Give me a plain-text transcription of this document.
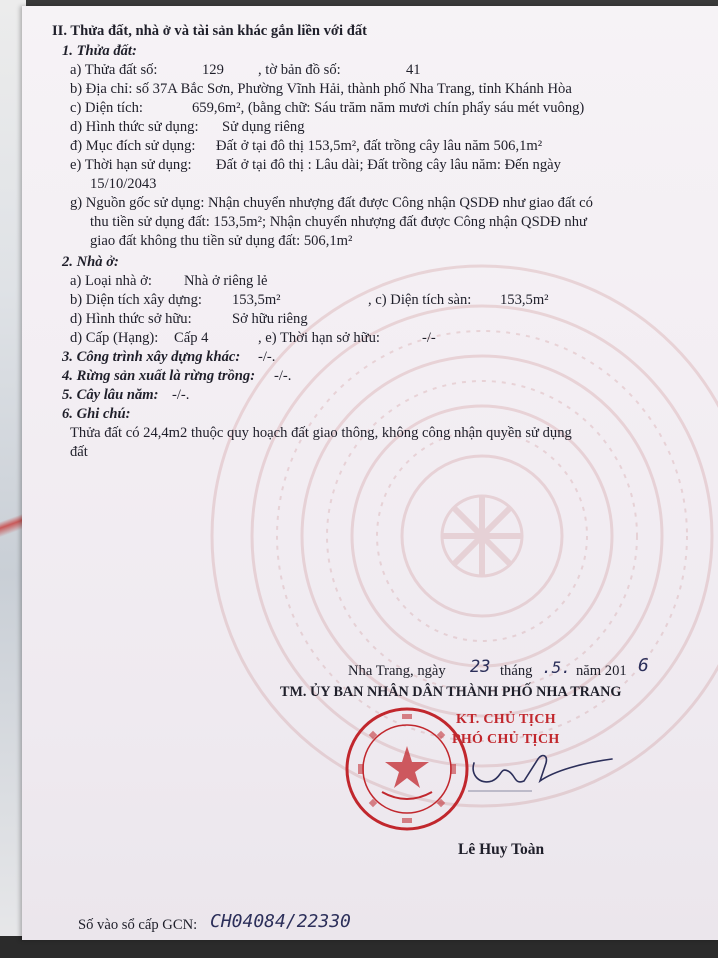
II. Thửa đất, nhà ở và tài sản khác gắn liền với đất
1. Thửa đất:
a) Thửa đất số:	129 , tờ bản đồ số:	41
b) Địa chỉ: số 37A Bắc Sơn, Phường Vĩnh Hải, thành phố Nha Trang, tỉnh Khánh Hòa
c) Diện tích:	659,6m², (bằng chữ: Sáu trăm năm mươi chín phẩy sáu mét vuông)
d) Hình thức sử dụng: Sử dụng riêng
đ) Mục đích sử dụng: Đất ở tại đô thị 153,5m², đất trồng cây lâu năm 506,1m²
e) Thời hạn sử dụng: Đất ở tại đô thị : Lâu dài; Đất trồng cây lâu năm: Đến ngày
15/10/2043
g) Nguồn gốc sử dụng: Nhận chuyển nhượng đất được Công nhận QSDĐ như giao đất có
thu tiền sử dụng đất: 153,5m²; Nhận chuyển nhượng đất được Công nhận QSDĐ như
giao đất không thu tiền sử dụng đất: 506,1m²
2. Nhà ở:
a) Loại nhà ở: Nhà ở riêng lẻ
b) Diện tích xây dựng: 153,5m²	, c) Diện tích sàn: 153,5m²
d) Hình thức sở hữu:	Sở hữu riêng
d) Cấp (Hạng): Cấp 4	, e) Thời hạn sở hữu:	-/-
3. Công trình xây dựng khác: -/-.
4. Rừng sản xuất là rừng trồng: -/-.
5. Cây lâu năm: -/-.
6. Ghi chú:
Thửa đất có 24,4m2 thuộc quy hoạch đất giao thông, không công nhận quyền sử dụng
đất
Nha Trang, ngày 23 tháng .5. năm 201 6
TM. ỦY BAN NHÂN DÂN THÀNH PHỐ NHA TRANG
KT. CHỦ TỊCH
PHÓ CHỦ TỊCH
Lê Huy Toàn
Số vào sổ cấp GCN: CH04084/22330
